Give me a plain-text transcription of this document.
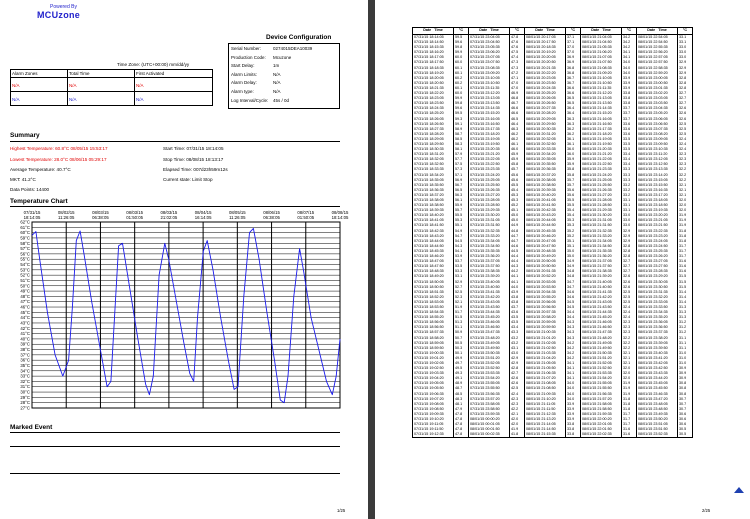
Powered By
MCUzone
Device Configuration
Serial Number:	0274015DEA10039
Production Code: Mcuzone
Start Delay:	1m
Alarm Limits:	N/A
Alarm Delay:	N/A
Alarm type:	N/A
Log Interval/Cycle: 45s / 0d
Time Zone: (UTC+00:00) mm/dd/yy
Alarm Zones	Total Time	First Activated
N/A	N/A	N/A
N/A	N/A	N/A
Summary
Highest Temperature: 60.8°C 08/05/15 15:53:17
Lowest Temperature: 28.0°C 08/06/15 05:29:17
Average Temperature: 40.7°C
MKT: 41.2°C
Data Points: 14400
Start Time: 07/31/15 18:14:05
Stop Time: 08/08/15 18:13:17
Elapsed Time: 007d23h59m12s
Current state: Limit Stop
Temperature Chart
62°C
61°C
60°C
59°C
58°C
57°C
56°C
55°C
54°C
53°C
52°C
51°C
50°C
49°C
48°C
47°C
46°C
45°C
44°C
43°C
42°C
41°C
40°C
39°C
38°C
37°C
36°C
35°C
34°C
33°C
32°C
31°C
30°C
29°C
28°C
27°C
07/31/15
18:14:05
08/02/15
11:26:05
08/03/15
06:38:05
08/03/15
01:50:05
08/03/15
21:02:05
08/04/15
16:14:05
08/05/15
11:26:05
08/06/15
06:38:05
08/07/15
01:50:05
08/08/15
18:14:05
Marked Event
1/25
Date Time	°C	Date Time	°C	Date Time	°C	Date Time	°C	Date Time	°C
07/31/15 18:14:05	59.5	07/31/15 23:04:05	47.8	08/01/15 20:17:05	37.1	08/01/15 21:04:05	34.2	08/01/15 22:54:05	33.1
07/31/15 18:14:50	59.6	07/31/15 23:04:50	47.6	08/01/15 20:17:50	37.1	08/01/15 21:04:50	34.2	08/01/15 22:54:50	33.1
07/31/15 18:15:35	59.8	07/31/15 23:05:35	47.6	08/01/15 20:18:35	37.0	08/01/15 21:05:35	34.2	08/01/15 22:55:35	33.0
07/31/15 18:16:20	59.9	07/31/15 23:06:20	47.5	08/01/15 20:19:20	37.0	08/01/15 21:06:20	34.1	08/01/15 22:56:20	33.0
07/31/15 18:17:05	60.0	07/31/15 23:07:05	47.4	08/01/15 20:20:05	36.9	08/01/15 21:07:05	34.1	08/01/15 22:57:05	33.0
07/31/15 18:17:50	60.0	07/31/15 23:07:50	47.3	08/01/15 20:20:50	36.9	08/01/15 21:07:50	34.0	08/01/15 22:57:50	32.9
07/31/15 18:18:35	60.1	07/31/15 23:08:35	47.3	08/01/15 20:21:35	36.8	08/01/15 21:08:35	34.0	08/01/15 22:58:35	32.9
07/31/15 18:19:20	60.1	07/31/15 23:09:20	47.2	08/01/15 20:22:20	36.8	08/01/15 21:09:20	34.0	08/01/15 22:59:20	32.9
07/31/15 18:20:05	60.2	07/31/15 23:10:05	47.1	08/01/15 20:23:05	36.7	08/01/15 21:10:05	33.9	08/01/15 23:00:05	32.8
07/31/15 18:20:50	60.2	07/31/15 23:10:50	47.0	08/01/15 20:23:50	36.7	08/01/15 21:10:50	33.9	08/01/15 23:00:50	32.8
07/31/15 18:21:35	60.1	07/31/15 23:11:35	47.0	08/01/15 20:24:35	36.6	08/01/15 21:11:35	33.9	08/01/15 23:01:35	32.8
07/31/15 18:22:20	60.0	07/31/15 23:12:20	46.9	08/01/15 20:25:20	36.6	08/01/15 21:12:20	33.8	08/01/15 23:02:20	32.7
07/31/15 18:23:05	59.9	07/31/15 23:13:05	46.8	08/01/15 20:26:05	36.5	08/01/15 21:13:05	33.8	08/01/15 23:03:05	32.7
07/31/15 18:23:50	59.8	07/31/15 23:13:50	46.7	08/01/15 20:26:50	36.5	08/01/15 21:13:50	33.8	08/01/15 23:03:50	32.7
07/31/15 18:24:35	59.6	07/31/15 23:14:35	46.6	08/01/15 20:27:35	36.4	08/01/15 21:14:35	33.7	08/01/15 23:04:35	32.6
07/31/15 18:25:20	59.5	07/31/15 23:15:20	46.6	08/01/15 20:28:20	36.4	08/01/15 21:15:20	33.7	08/01/15 23:05:20	32.6
07/31/15 18:26:05	59.3	07/31/15 23:16:05	46.5	08/01/15 20:29:05	36.3	08/01/15 21:16:05	33.7	08/01/15 23:06:05	32.6
07/31/15 18:26:50	59.1	07/31/15 23:16:50	46.4	08/01/15 20:29:50	36.3	08/01/15 21:16:50	33.6	08/01/15 23:06:50	32.5
07/31/15 18:27:35	58.9	07/31/15 23:17:35	46.3	08/01/15 20:30:35	36.2	08/01/15 21:17:35	33.6	08/01/15 23:07:35	32.5
07/31/15 18:28:20	58.7	07/31/15 23:18:20	46.2	08/01/15 20:31:20	36.2	08/01/15 21:18:20	33.6	08/01/15 23:08:20	32.5
07/31/15 18:29:05	58.5	07/31/15 23:19:05	46.2	08/01/15 20:32:05	36.1	08/01/15 21:19:05	33.5	08/01/15 23:09:05	32.4
07/31/15 18:29:50	58.3	07/31/15 23:19:50	46.1	08/01/15 20:32:50	36.1	08/01/15 21:19:50	33.5	08/01/15 23:09:50	32.4
07/31/15 18:30:35	58.1	07/31/15 23:20:35	46.0	08/01/15 20:33:35	36.0	08/01/15 21:20:35	33.5	08/01/15 23:10:35	32.4
07/31/15 18:31:20	57.9	07/31/15 23:21:20	45.9	08/01/15 20:34:20	36.0	08/01/15 21:21:20	33.4	08/01/15 23:11:20	32.3
07/31/15 18:32:05	57.7	07/31/15 23:22:05	45.9	08/01/15 20:35:05	35.9	08/01/15 21:22:05	33.4	08/01/15 23:12:05	32.3
07/31/15 18:32:50	57.5	07/31/15 23:22:50	45.8	08/01/15 20:35:50	35.9	08/01/15 21:22:50	33.4	08/01/15 23:12:50	32.3
07/31/15 18:33:35	57.3	07/31/15 23:23:35	45.7	08/01/15 20:36:35	35.8	08/01/15 21:23:35	33.3	08/01/15 23:13:35	32.2
07/31/15 18:34:20	57.1	07/31/15 23:24:20	45.6	08/01/15 20:37:20	35.8	08/01/15 21:24:20	33.3	08/01/15 23:14:20	32.2
07/31/15 18:35:05	56.9	07/31/15 23:25:05	45.6	08/01/15 20:38:05	35.7	08/01/15 21:25:05	33.3	08/01/15 23:15:05	32.2
07/31/15 18:35:50	56.7	07/31/15 23:25:50	45.5	08/01/15 20:38:50	35.7	08/01/15 21:25:50	33.2	08/01/15 23:15:50	32.1
07/31/15 18:36:35	56.5	07/31/15 23:26:35	45.4	08/01/15 20:39:35	35.6	08/01/15 21:26:35	33.2	08/01/15 23:16:35	32.1
07/31/15 18:37:20	56.3	07/31/15 23:27:20	45.3	08/01/15 20:40:20	35.6	08/01/15 21:27:20	33.2	08/01/15 23:17:20	32.1
07/31/15 18:38:05	56.1	07/31/15 23:28:05	45.3	08/01/15 20:41:05	35.5	08/01/15 21:28:05	33.1	08/01/15 23:18:05	32.0
07/31/15 18:38:50	55.9	07/31/15 23:28:50	45.2	08/01/15 20:41:50	35.5	08/01/15 21:28:50	33.1	08/01/15 23:18:50	32.0
07/31/15 18:39:35	55.7	07/31/15 23:29:35	45.1	08/01/15 20:42:35	35.4	08/01/15 21:29:35	33.1	08/01/15 23:19:35	32.0
07/31/15 18:40:20	55.5	07/31/15 23:30:20	45.0	08/01/15 20:43:20	35.4	08/01/15 21:30:20	33.0	08/01/15 23:20:20	31.9
07/31/15 18:41:05	55.3	07/31/15 23:31:05	45.0	08/01/15 20:44:05	35.3	08/01/15 21:31:05	33.0	08/01/15 23:21:05	31.9
07/31/15 18:41:50	55.1	07/31/15 23:31:50	44.9	08/01/15 20:44:50	35.3	08/01/15 21:31:50	33.0	08/01/15 23:21:50	31.9
07/31/15 18:42:35	54.9	07/31/15 23:32:35	44.8	08/01/15 20:45:35	35.2	08/01/15 21:32:35	32.9	08/01/15 23:22:35	31.8
07/31/15 18:43:20	54.7	07/31/15 23:33:20	44.7	08/01/15 20:46:20	35.2	08/01/15 21:33:20	32.9	08/01/15 23:23:20	31.8
07/31/15 18:44:05	54.5	07/31/15 23:34:05	44.7	08/01/15 20:47:05	35.1	08/01/15 21:34:05	32.9	08/01/15 23:24:05	31.8
07/31/15 18:44:50	54.3	07/31/15 23:34:50	44.6	08/01/15 20:47:50	35.1	08/01/15 21:34:50	32.8	08/01/15 23:24:50	31.7
07/31/15 18:45:35	54.1	07/31/15 23:35:35	44.5	08/01/15 20:48:35	35.0	08/01/15 21:35:35	32.8	08/01/15 23:25:35	31.7
07/31/15 18:46:20	53.9	07/31/15 23:36:20	44.4	08/01/15 20:49:20	35.0	08/01/15 21:36:20	32.8	08/01/15 23:26:20	31.7
07/31/15 18:47:05	53.7	07/31/15 23:37:05	44.4	08/01/15 20:50:05	34.9	08/01/15 21:37:05	32.7	08/01/15 23:27:05	31.6
07/31/15 18:47:50	53.5	07/31/15 23:37:50	44.3	08/01/15 20:50:50	34.9	08/01/15 21:37:50	32.7	08/01/15 23:27:50	31.6
07/31/15 18:48:35	53.3	07/31/15 23:38:35	44.2	08/01/15 20:51:35	34.8	08/01/15 21:38:35	32.7	08/01/15 23:28:35	31.6
07/31/15 18:49:20	53.1	07/31/15 23:39:20	44.1	08/01/15 20:52:20	34.8	08/01/15 21:39:20	32.6	08/01/15 23:29:20	31.5
07/31/15 18:50:05	52.9	07/31/15 23:40:05	44.1	08/01/15 20:53:05	34.7	08/01/15 21:40:05	32.6	08/01/15 23:30:05	31.5
07/31/15 18:50:50	52.7	07/31/15 23:40:50	44.0	08/01/15 20:53:50	34.7	08/01/15 21:40:50	32.6	08/01/15 23:30:50	31.5
07/31/15 18:51:35	52.5	07/31/15 23:41:35	43.9	08/01/15 20:54:35	34.6	08/01/15 21:41:35	32.5	08/01/15 23:31:35	31.4
07/31/15 18:52:20	52.3	07/31/15 23:42:20	43.8	08/01/15 20:55:20	34.6	08/01/15 21:42:20	32.5	08/01/15 23:32:20	31.4
07/31/15 18:53:05	52.1	07/31/15 23:43:05	43.8	08/01/15 20:56:05	34.5	08/01/15 21:43:05	32.5	08/01/15 23:33:05	31.4
07/31/15 18:53:50	51.9	07/31/15 23:43:50	43.7	08/01/15 20:56:50	34.5	08/01/15 21:43:50	32.4	08/01/15 23:33:50	31.3
07/31/15 18:54:35	51.7	07/31/15 23:44:35	43.6	08/01/15 20:57:35	34.4	08/01/15 21:44:35	32.4	08/01/15 23:34:35	31.3
07/31/15 18:55:20	51.5	07/31/15 23:45:20	43.5	08/01/15 20:58:20	34.4	08/01/15 21:45:20	32.4	08/01/15 23:35:20	31.3
07/31/15 18:56:05	51.3	07/31/15 23:46:05	43.5	08/01/15 20:59:05	34.3	08/01/15 21:46:05	32.3	08/01/15 23:36:05	31.2
07/31/15 18:56:50	51.1	07/31/15 23:46:50	43.4	08/01/15 20:59:50	34.3	08/01/15 21:46:50	32.3	08/01/15 23:36:50	31.2
07/31/15 18:57:35	50.9	07/31/15 23:47:35	43.3	08/01/15 21:00:35	34.3	08/01/15 21:47:35	32.3	08/01/15 23:37:35	31.2
07/31/15 18:58:20	50.7	07/31/15 23:48:20	43.2	08/01/15 21:01:20	34.3	08/01/15 21:48:20	32.2	08/01/15 23:38:20	31.1
07/31/15 18:59:05	50.5	07/31/15 23:49:05	43.2	08/01/15 21:02:05	34.2	08/01/15 21:49:05	32.2	08/01/15 23:39:05	31.1
07/31/15 18:59:50	50.3	07/31/15 23:49:50	43.1	08/01/15 21:02:50	34.2	08/01/15 21:49:50	32.2	08/01/15 23:39:50	31.1
07/31/15 19:00:35	50.1	07/31/15 23:50:35	43.0	08/01/15 21:03:35	34.2	08/01/15 21:50:35	32.1	08/01/15 23:40:35	31.0
07/31/15 19:01:20	49.9	07/31/15 23:51:20	42.9	08/01/15 21:04:20	34.2	08/01/15 21:51:20	32.1	08/01/15 23:41:20	31.0
07/31/15 19:02:05	49.7	07/31/15 23:52:05	42.9	08/01/15 21:05:05	34.1	08/01/15 21:52:05	32.1	08/01/15 23:42:05	31.0
07/31/15 19:02:50	49.5	07/31/15 23:52:50	42.8	08/01/15 21:05:50	34.1	08/01/15 21:52:50	32.0	08/01/15 23:42:50	30.9
07/31/15 19:03:35	49.3	07/31/15 23:53:35	42.7	08/01/15 21:06:35	34.1	08/01/15 21:53:35	32.0	08/01/15 23:43:35	30.9
07/31/15 19:04:20	49.1	07/31/15 23:54:20	42.6	08/01/15 21:07:20	34.1	08/01/15 21:54:20	32.0	08/01/15 23:44:20	30.9
07/31/15 19:05:05	48.9	07/31/15 23:55:05	42.6	08/01/15 21:08:05	34.0	08/01/15 21:55:05	31.9	08/01/15 23:45:05	30.8
07/31/15 19:05:50	48.7	07/31/15 23:55:50	42.5	08/01/15 21:08:50	34.0	08/01/15 21:55:50	31.9	08/01/15 23:45:50	30.8
07/31/15 19:06:35	48.5	07/31/15 23:56:35	42.4	08/01/15 21:09:35	34.0	08/01/15 21:56:35	31.9	08/01/15 23:46:35	30.8
07/31/15 19:07:20	48.3	07/31/15 23:57:20	42.3	08/01/15 21:10:20	34.0	08/01/15 21:57:20	31.8	08/01/15 23:47:20	30.7
07/31/15 19:08:05	48.1	07/31/15 23:58:05	42.3	08/01/15 21:11:05	33.9	08/01/15 21:58:05	31.8	08/01/15 23:48:05	30.7
07/31/15 19:08:50	47.9	07/31/15 23:58:50	42.2	08/01/15 21:11:50	33.9	08/01/15 21:58:50	31.8	08/01/15 23:48:50	30.7
07/31/15 19:09:35	47.8	07/31/15 23:59:35	42.1	08/01/15 21:12:35	33.9	08/01/15 21:59:35	31.7	08/01/15 23:49:35	30.6
07/31/15 19:10:20	47.8	08/01/15 00:00:20	42.0	08/01/15 21:13:20	33.9	08/01/15 22:00:20	31.7	08/01/15 23:50:20	30.6
07/31/15 19:11:05	47.8	08/01/15 00:01:05	42.0	08/01/15 21:14:05	33.8	08/01/15 22:01:05	31.7	08/01/15 23:51:05	30.6
07/31/15 19:11:50	47.8	08/01/15 00:01:50	41.9	08/01/15 21:14:50	33.8	08/01/15 22:01:50	31.6	08/01/15 23:51:50	30.5
07/31/15 19:12:35	47.8	08/01/15 00:02:35	41.8	08/01/15 21:15:35	33.8	08/01/15 22:02:35	31.6	08/01/15 23:52:35	30.5
2/25
